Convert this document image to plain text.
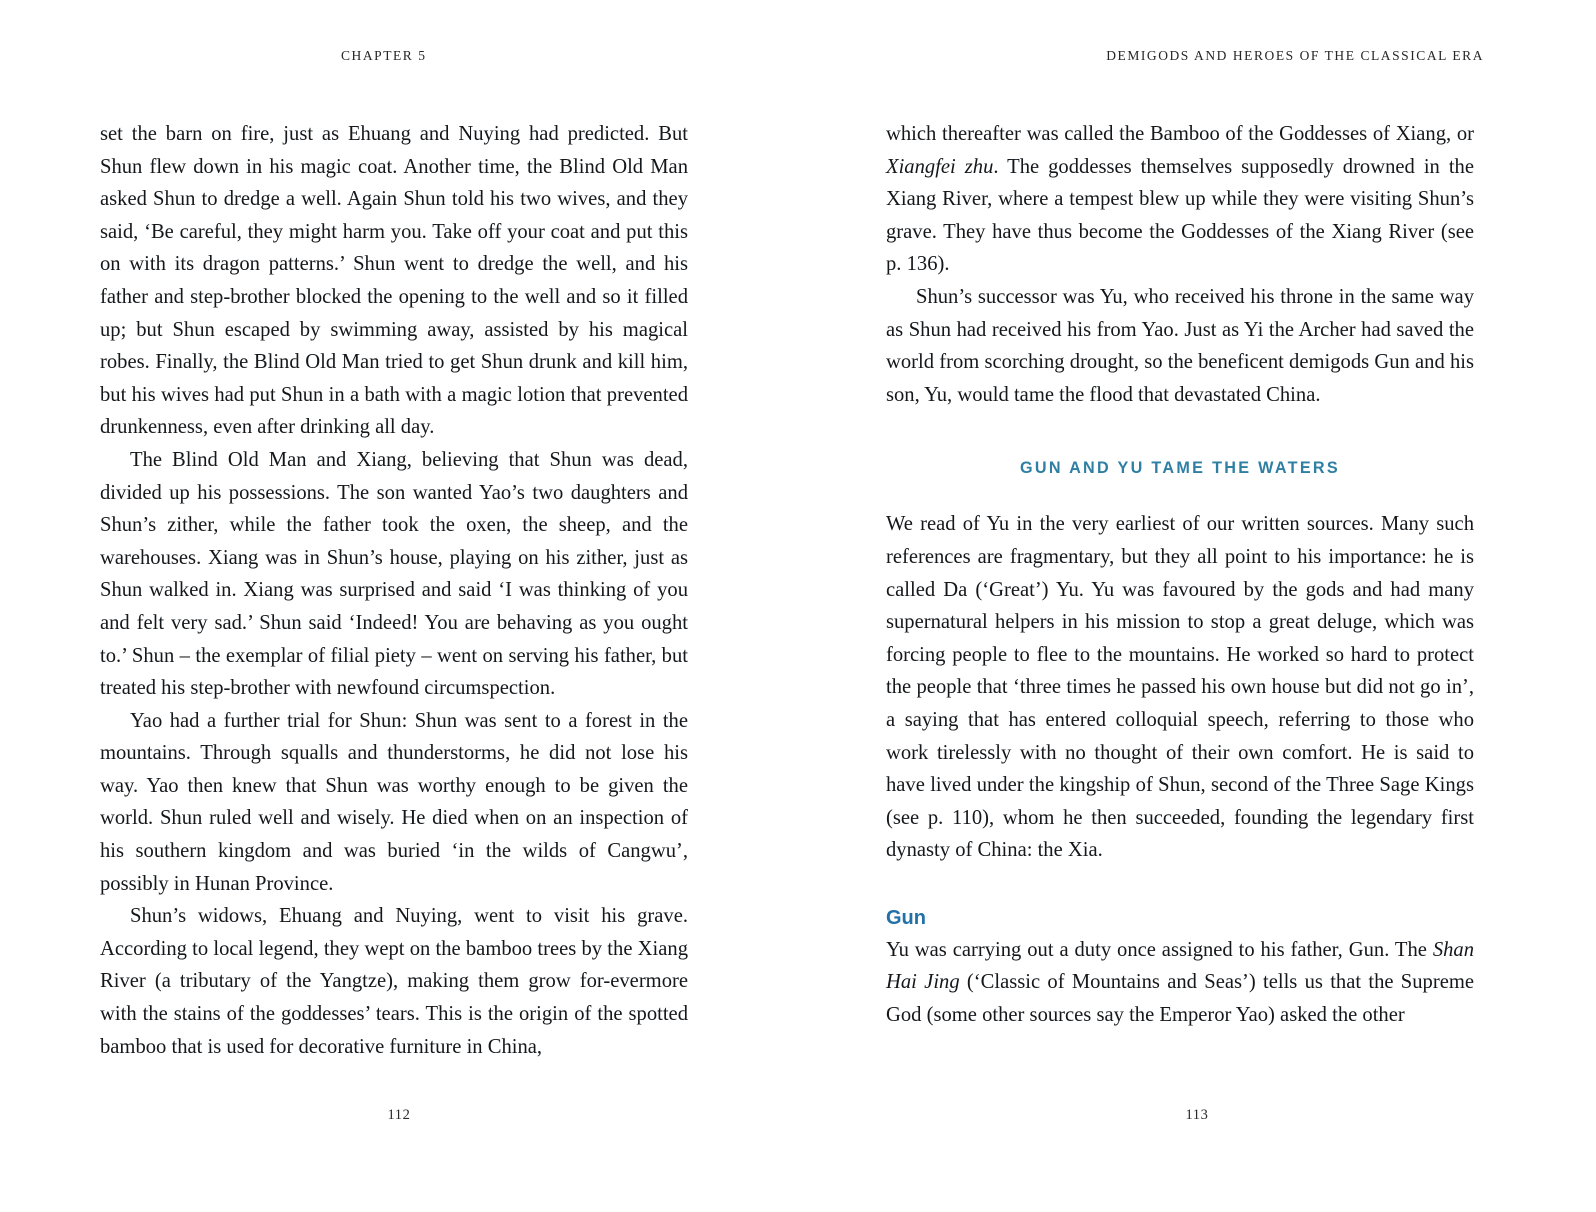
CHAPTER 5

set the barn on fire, just as Ehuang and Nuying had predicted. But Shun flew down in his magic coat. Another time, the Blind Old Man asked Shun to dredge a well. Again Shun told his two wives, and they said, ‘Be careful, they might harm you. Take off your coat and put this on with its dragon patterns.’ Shun went to dredge the well, and his father and step-brother blocked the opening to the well and so it filled up; but Shun escaped by swimming away, assisted by his magical robes. Finally, the Blind Old Man tried to get Shun drunk and kill him, but his wives had put Shun in a bath with a magic lotion that prevented drunkenness, even after drinking all day.

The Blind Old Man and Xiang, believing that Shun was dead, divided up his possessions. The son wanted Yao’s two daughters and Shun’s zither, while the father took the oxen, the sheep, and the warehouses. Xiang was in Shun’s house, playing on his zither, just as Shun walked in. Xiang was surprised and said ‘I was thinking of you and felt very sad.’ Shun said ‘Indeed! You are behaving as you ought to.’ Shun – the exemplar of filial piety – went on serving his father, but treated his step-brother with newfound circumspection.

Yao had a further trial for Shun: Shun was sent to a forest in the mountains. Through squalls and thunderstorms, he did not lose his way. Yao then knew that Shun was worthy enough to be given the world. Shun ruled well and wisely. He died when on an inspection of his southern kingdom and was buried ‘in the wilds of Cangwu’, possibly in Hunan Province.

Shun’s widows, Ehuang and Nuying, went to visit his grave. According to local legend, they wept on the bamboo trees by the Xiang River (a tributary of the Yangtze), making them grow for-evermore with the stains of the goddesses’ tears. This is the origin of the spotted bamboo that is used for decorative furniture in China,

112
DEMIGODS AND HEROES OF THE CLASSICAL ERA

which thereafter was called the Bamboo of the Goddesses of Xiang, or Xiangfei zhu. The goddesses themselves supposedly drowned in the Xiang River, where a tempest blew up while they were visiting Shun’s grave. They have thus become the Goddesses of the Xiang River (see p. 136).

Shun’s successor was Yu, who received his throne in the same way as Shun had received his from Yao. Just as Yi the Archer had saved the world from scorching drought, so the beneficent demigods Gun and his son, Yu, would tame the flood that devastated China.

GUN AND YU TAME THE WATERS

We read of Yu in the very earliest of our written sources. Many such references are fragmentary, but they all point to his importance: he is called Da (‘Great’) Yu. Yu was favoured by the gods and had many supernatural helpers in his mission to stop a great deluge, which was forcing people to flee to the mountains. He worked so hard to protect the people that ‘three times he passed his own house but did not go in’, a saying that has entered colloquial speech, referring to those who work tirelessly with no thought of their own comfort. He is said to have lived under the kingship of Shun, second of the Three Sage Kings (see p. 110), whom he then succeeded, founding the legendary first dynasty of China: the Xia.

Gun

Yu was carrying out a duty once assigned to his father, Gun. The Shan Hai Jing (‘Classic of Mountains and Seas’) tells us that the Supreme God (some other sources say the Emperor Yao) asked the other

113
